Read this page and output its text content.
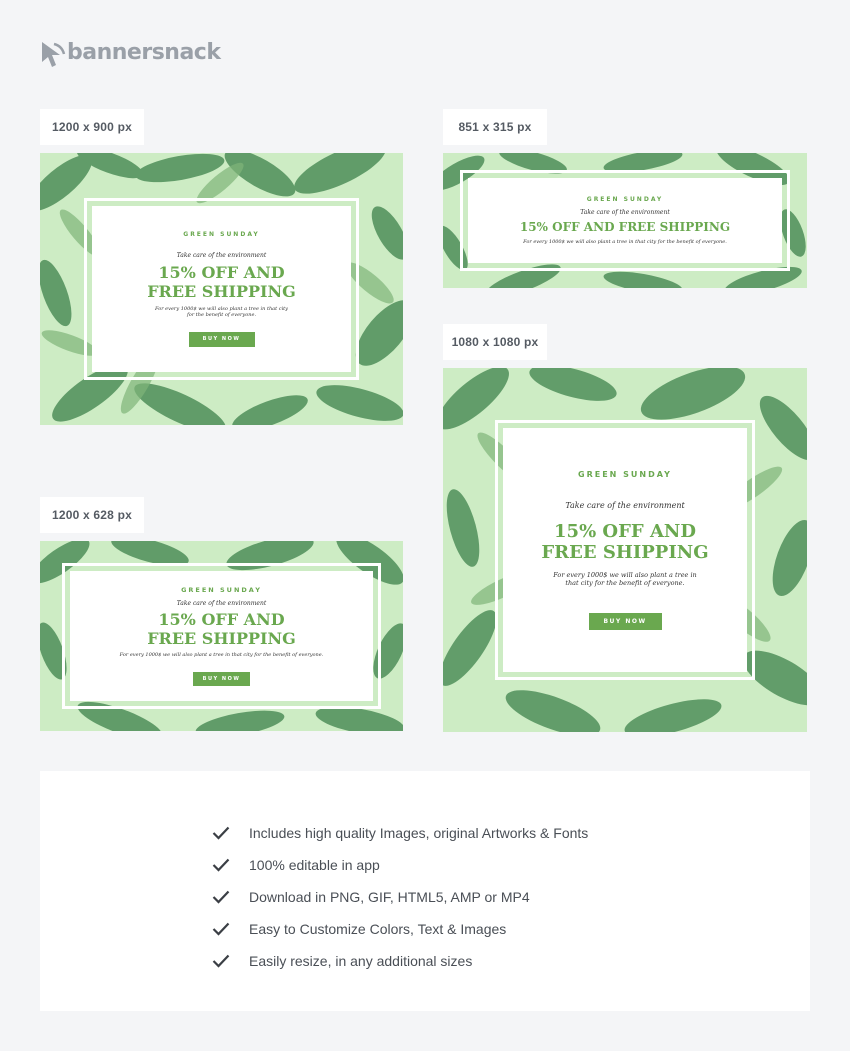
bannersnack
1200 x 900 px	851 x 315 px
1080 x 1080 px
1200 x 628 px
GREEN SUNDAY
Take care of the environment
15% OFF AND
FREE SHIPPING
For every 1000$ we will also plant a tree in that city
for the benefit of everyone.
BUY NOW
GREEN SUNDAY
Take care of the environment
15% OFF AND FREE SHIPPING
For every 1000$ we will also plant a tree in that city for the benefit of everyone.
GREEN SUNDAY
Take care of the environment
15% OFF AND
FREE SHIPPING
For every 1000$ we will also plant a tree in
that city for the benefit of everyone.
BUY NOW
GREEN SUNDAY
Take care of the environment
15% OFF AND
FREE SHIPPING
For every 1000$ we will also plant a tree in that city for the benefit of everyone.
BUY NOW
Includes high quality Images, original Artworks & Fonts
100% editable in app
Download in PNG, GIF, HTML5, AMP or MP4
Easy to Customize Colors, Text & Images
Easily resize, in any additional sizes
